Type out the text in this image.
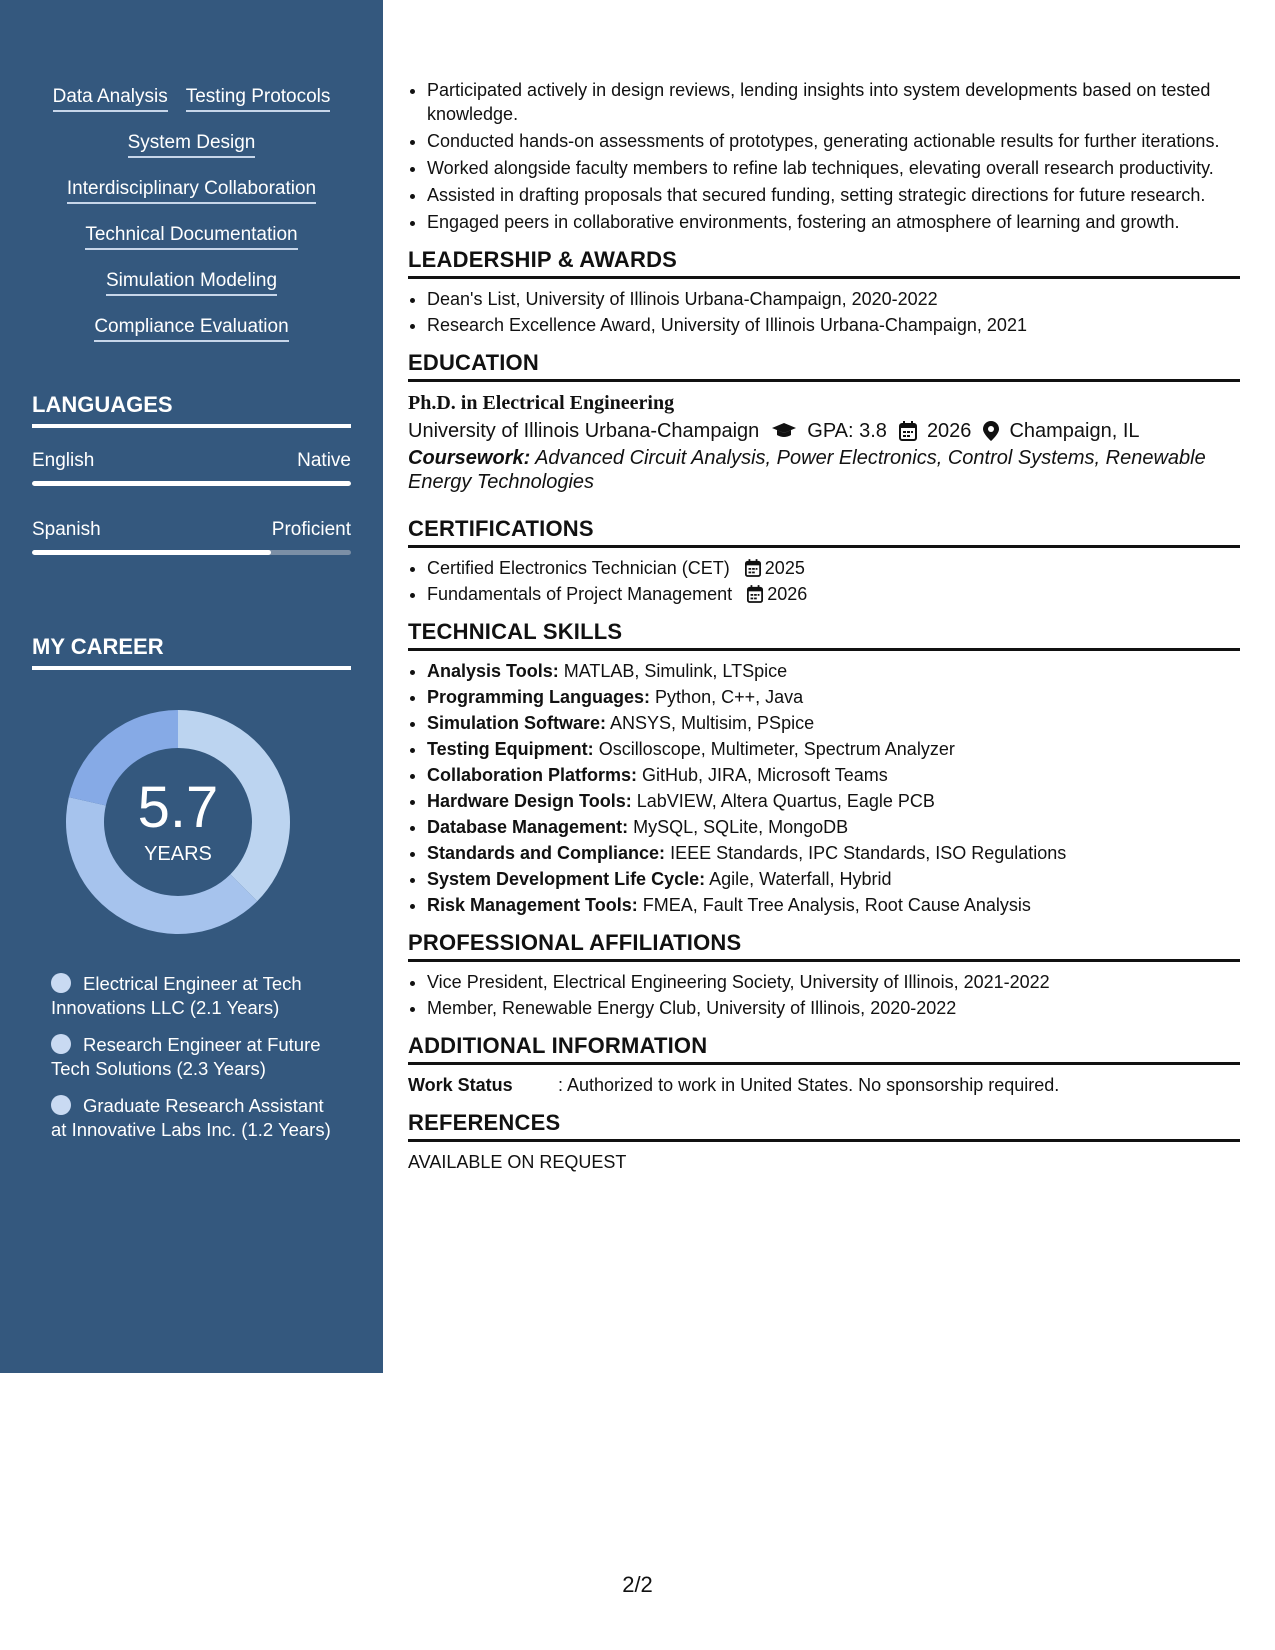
Data Analysis Testing Protocols
System Design
Interdisciplinary Collaboration
Technical Documentation
Simulation Modeling
Compliance Evaluation
LANGUAGES
English	Native
Spanish	Proficient
MY CAREER
5.7
YEARS
Electrical Engineer at Tech Innovations LLC (2.1 Years)
Research Engineer at Future Tech Solutions (2.3 Years)
Graduate Research Assistant at Innovative Labs Inc. (1.2 Years)
• Participated actively in design reviews, lending insights into system developments based on tested knowledge.
• Conducted hands-on assessments of prototypes, generating actionable results for further iterations.
• Worked alongside faculty members to refine lab techniques, elevating overall research productivity.
• Assisted in drafting proposals that secured funding, setting strategic directions for future research.
• Engaged peers in collaborative environments, fostering an atmosphere of learning and growth.
LEADERSHIP & AWARDS
• Dean's List, University of Illinois Urbana-Champaign, 2020-2022
• Research Excellence Award, University of Illinois Urbana-Champaign, 2021
EDUCATION
Ph.D. in Electrical Engineering
University of Illinois Urbana-Champaign GPA: 3.8 2026 Champaign, IL
Coursework: Advanced Circuit Analysis, Power Electronics, Control Systems, Renewable Energy Technologies
CERTIFICATIONS
• Certified Electronics Technician (CET) 2025
• Fundamentals of Project Management 2026
TECHNICAL SKILLS
• Analysis Tools: MATLAB, Simulink, LTSpice
• Programming Languages: Python, C++, Java
• Simulation Software: ANSYS, Multisim, PSpice
• Testing Equipment: Oscilloscope, Multimeter, Spectrum Analyzer
• Collaboration Platforms: GitHub, JIRA, Microsoft Teams
• Hardware Design Tools: LabVIEW, Altera Quartus, Eagle PCB
• Database Management: MySQL, SQLite, MongoDB
• Standards and Compliance: IEEE Standards, IPC Standards, ISO Regulations
• System Development Life Cycle: Agile, Waterfall, Hybrid
• Risk Management Tools: FMEA, Fault Tree Analysis, Root Cause Analysis
PROFESSIONAL AFFILIATIONS
• Vice President, Electrical Engineering Society, University of Illinois, 2021-2022
• Member, Renewable Energy Club, University of Illinois, 2020-2022
ADDITIONAL INFORMATION
Work Status	: Authorized to work in United States. No sponsorship required.
REFERENCES
AVAILABLE ON REQUEST
2/2
